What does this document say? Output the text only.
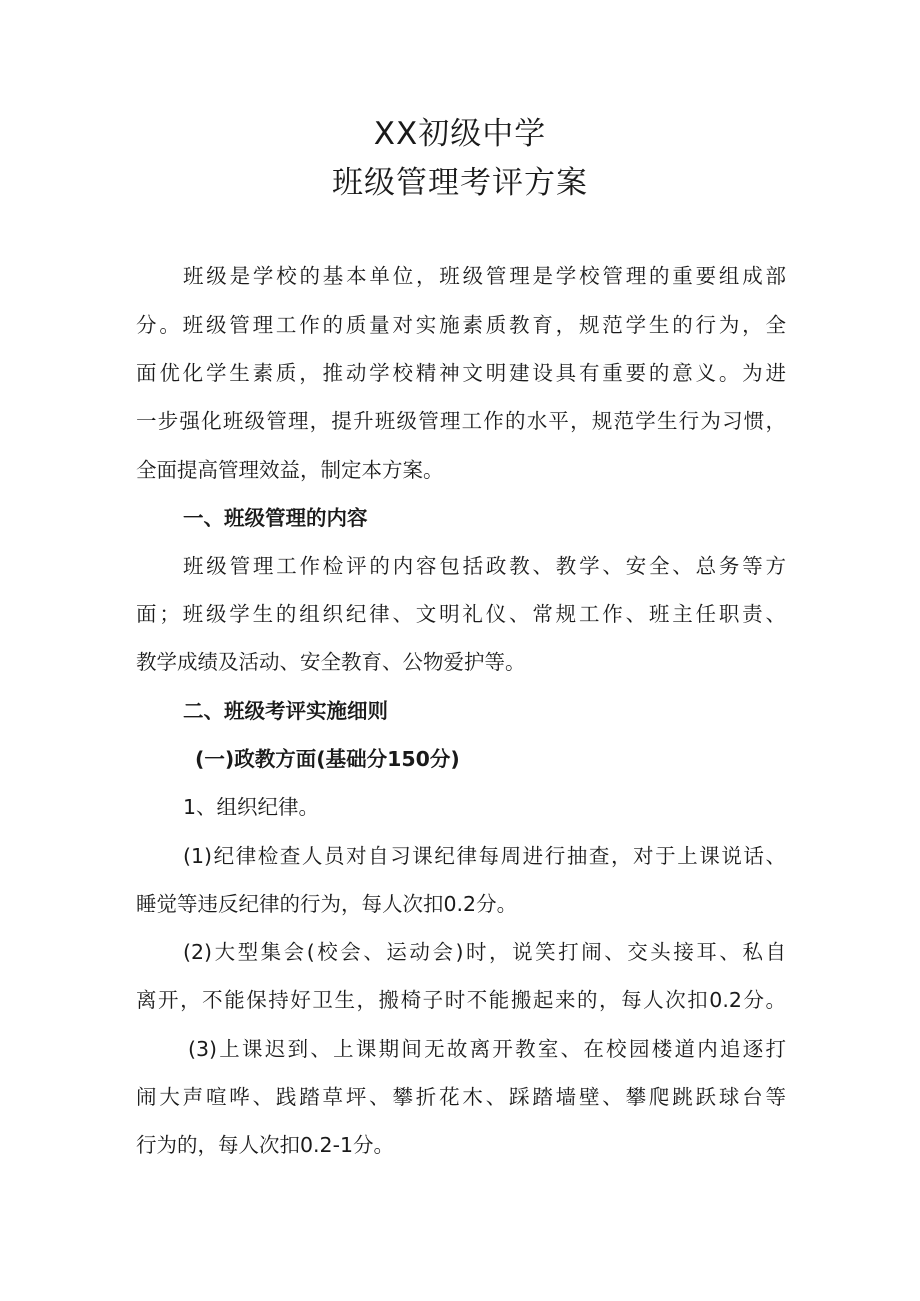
XX初级中学
班级管理考评方案
班级是学校的基本单位，班级管理是学校管理的重要组成部
分。班级管理工作的质量对实施素质教育，规范学生的行为，全
面优化学生素质，推动学校精神文明建设具有重要的意义。为进
一步强化班级管理，提升班级管理工作的水平，规范学生行为习惯，
全面提高管理效益，制定本方案。
一、班级管理的内容
班级管理工作检评的内容包括政教、教学、安全、总务等方
面；班级学生的组织纪律、文明礼仪、常规工作、班主任职责、
教学成绩及活动、安全教育、公物爱护等。
二、班级考评实施细则
(一)政教方面(基础分150分)
1、组织纪律。
(1)纪律检查人员对自习课纪律每周进行抽查，对于上课说话、
睡觉等违反纪律的行为，每人次扣0.2分。
(2)大型集会(校会、运动会)时，说笑打闹、交头接耳、私自
离开，不能保持好卫生，搬椅子时不能搬起来的，每人次扣0.2分。
(3)上课迟到、上课期间无故离开教室、在校园楼道内追逐打
闹大声喧哗、践踏草坪、攀折花木、踩踏墙壁、攀爬跳跃球台等
行为的，每人次扣0.2-1分。
